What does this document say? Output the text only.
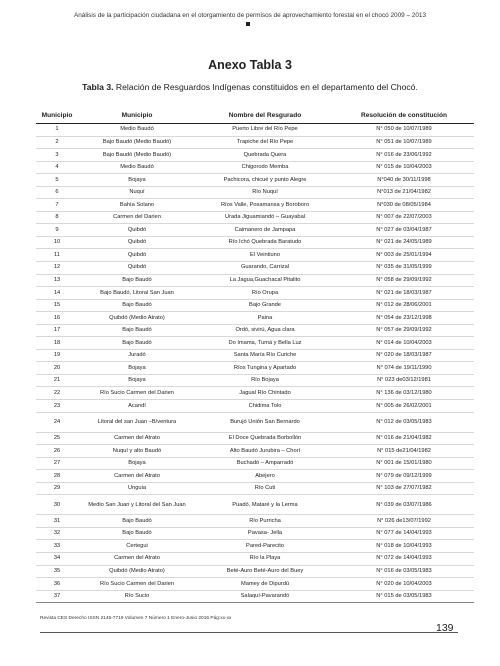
Análisis de la participación ciudadana en el otorgamiento de permisos de aprovechamiento forestal en el chocó 2009 – 2013
Anexo Tabla 3
Tabla 3. Relación de Resguardos Indígenas constituidos en el departamento del Chocó.
Municipio	Municipio	Nombre del Resgurado	Resolución de constitución
1	Medio Baudó	Puerto Libre del Río Pepe	N° 050 de 10/07/1989
2	Bajo Baudó (Medio Baudó)	Trapiche del Río Pepe	N° 051 de 10/07/1989
3	Bajo Baudó (Medio Baudó)	Quebrada Quera	N° 016 de 23/06/1992
4	Medio Baudó	Chigorodo Memba	N° 015 de 10/04/2003
5	Bojaya	Pachicora, chicué y punto Alegre	N°040 de 30/11/1998
6	Nuquí	Río Nuquí	N°013 de 21/04/1982
7	Bahía Solano	Ríos Valle, Posamansa y Boroboro	N°030 de 08/05/1984
8	Carmen del Darien	Urada Jiguamiandó – Guayabal	N° 007 de 22/07/2003
9	Quibdó	Caimanero de Jampapa	N° 027 de 03/04/1987
10	Quibdó	Río Ichó Quebrada Baratudo	N° 021 de 24/05/1989
11	Quibdó	El Veintiuno	N° 003 de 25/01/1994
12	Quibdó	Guarando, Carrizal	N° 035 de 31/05/1999
13	Bajo Baudó	La Jagua,Guachacal Pitalito	N° 058 de 29/09/1992
14	Bajo Baudó, Litoral San Juan	Río Orupa	N° 021 de 18/03/1987
15	Bajo Baudó	Bajo Grande	N° 012 de 28/06/2001
16	Quibdó (Medio Atrato)	Paina	N° 054 de 23/12/1998
17	Bajo Baudó	Ordó, sivirú, Agua clara	N° 057 de 29/09/1992
18	Bajo Baudó	Do Imama, Tumá y Bella Luz	N° 014 de 10/04/2003
19	Juradó	Santa María Río Curiche	N° 020 de 18/03/1987
20	Bojaya	Ríos Tungina y Apartado	N° 074 de 19/11/1990
21	Bojaya	Río Bojaya	N° 023 de03/12/1981
22	Río Sucio Carmen del Darien	Jagual Río Chintado	N° 136 de 03/12/1980
23	Acandí	Chidima Tolo	N° 005 de 26/02/2001
24	Litoral del san Juan –B/ventura	Burujó Unión San Bernardo	N° 012 de 03/05/1983
25	Carmen del Atrato	El Doce Quebrada Borbollón	N° 016 de 21/04/1982
26	Nuquí y alto Baudó	Alto Baudó Jurubira – Chorí	N° 015 de21/04/1982
27	Bojaya	Buchadó – Amparradó	N° 001 de 15/01/1980
28	Carmen del Atrato	Abejero	N° 079 de 09/12/1999
29	Unguia	Río Cuti	N° 103 de 27/07/1982
30	Medio San Juan y Litoral del San Juan	Puadó, Mataré y la Lerma	N° 039 de 03/07/1986
31	Bajo Baudó	Río Purricha	N° 026 de13/07/1992
32	Bajo Baudó	Pavasa- Jella	N° 077 de 14/04/1993
33	Certegui	Pared-Parecito	N° 018 de 10/04/1993
34	Carmen del Atrato	Río la Playa	N° 072 de 14/04/1993
35	Quibdó (Medio Atrato)	Beté-Auro Beté-Auro del Buey	N° 016 de 03/05/1983
36	Río Sucio Carmen del Darien	Mamey de Dipurdú	N° 020 de 10/04/2003
37	Río Sucio	Salaquí-Pavarandó	N° 015 de 03/05/1983
Revista CES Derecho ISSN 2145-7719 Volumen 7 Número 1 Enero-Junio 2016 Pág:xx-xx
139
